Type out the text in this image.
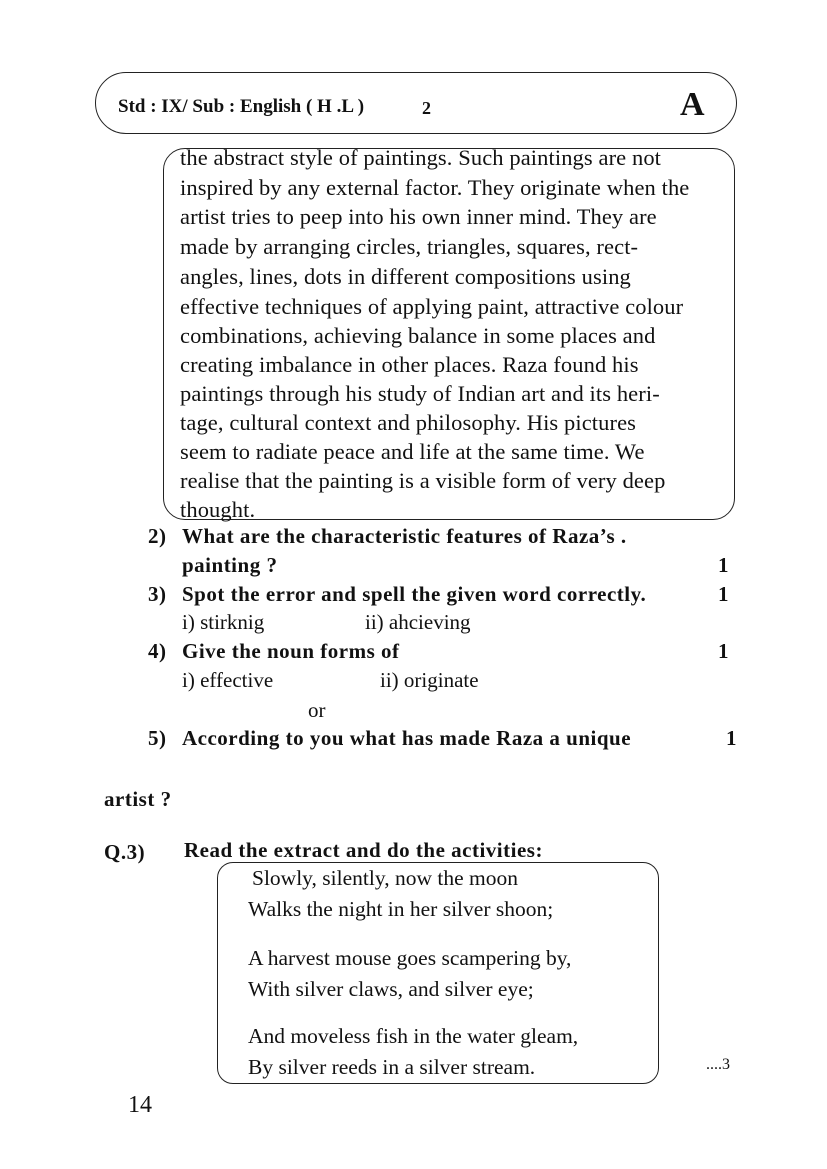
Std : IX/ Sub : English ( H .L )	2	A
the abstract style of paintings. Such paintings are not
inspired by any external factor. They originate when the
artist tries to peep into his own inner mind. They are
made by arranging circles, triangles, squares, rect-
angles, lines, dots in different compositions using
effective techniques of applying paint, attractive colour
combinations, achieving balance in some places and
creating imbalance in other places. Raza found his
paintings through his study of Indian art and its heri-
tage, cultural context and philosophy. His pictures
seem to radiate peace and life at the same time. We
realise that the painting is a visible form of very deep
thought.
2) What are the characteristic features of Raza’s .
painting ?	1
3) Spot the error and spell the given word correctly.	1
i) stirknig	ii) ahcieving
4) Give the noun forms of	1
i) effective	ii) originate
or
5) According to you what has made Raza a unique	1
artist ?
Q.3) Read the extract and do the activities:
Slowly, silently, now the moon
Walks the night in her silver shoon;
A harvest mouse goes scampering by,
With silver claws, and silver eye;
And moveless fish in the water gleam,
By silver reeds in a silver stream.	....3
14
